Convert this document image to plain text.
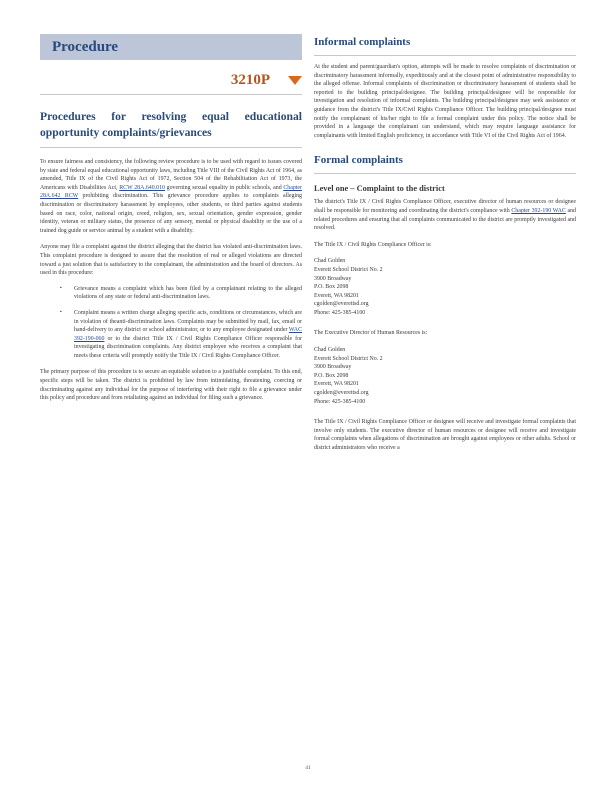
Procedure
3210P
Procedures for resolving equal educational
opportunity complaints/grievances

To ensure fairness and consistency, the following review procedure is to be used with regard to issues covered by state and federal equal educational opportunity laws, including Title VIII of the Civil Rights Act of 1964, as amended, Title IX of the Civil Rights Act of 1972, Section 504 of the Rehabilitation Act of 1973, the Americans with Disabilities Act, RCW 28A.640.010 governing sexual equality in public schools, and Chapter 28A.642 RCW prohibiting discrimination. This grievance procedure applies to complaints alleging discrimination or discriminatory harassment by employees, other students, or third parties against students based on race, color, national origin, creed, religion, sex, sexual orientation, gender expression, gender identity, veteran or military status, the presence of any sensory, mental or physical disability or the use of a trained dog guide or service animal by a student with a disability.

Anyone may file a complaint against the district alleging that the district has violated anti-discrimination laws. This complaint procedure is designed to assure that the resolution of real or alleged violations are directed toward a just solution that is satisfactory to the complainant, the administration and the board of directors. As used in this procedure:

▪ Grievance means a complaint which has been filed by a complainant relating to the alleged violations of any state or federal anti-discrimination laws.
▪ Complaint means a written charge alleging specific acts, conditions or circumstances, which are in violation of theanti-discrimination laws. Complaints may be submitted by mail, fax, email or hand-delivery to any district or school administrator, or to any employee designated under WAC 392-190-060 or to the district Title IX / Civil Rights Compliance Officer responsible for investigating discrimination complaints. Any district employee who receives a complaint that meets these criteria will promptly notify the Title IX / Civil Rights Compliance Officer.

The primary purpose of this procedure is to secure an equitable solution to a justifiable complaint. To this end, specific steps will be taken. The district is prohibited by law from intimidating, threatening, coercing or discriminating against any individual for the purpose of interfering with their right to file a grievance under this policy and procedure and from retaliating against an individual for filing such a grievance.

Informal complaints

At the student and parent/guardian's option, attempts will be made to resolve complaints of discrimination or discriminatory harassment informally, expeditiously and at the closest point of administrative responsibility to the alleged offense. Informal complaints of discrimination or discriminatory harassment of students shall be reported to the building principal/designee. The building principal/designee will be responsible for investigation and resolution of informal complaints. The building principal/designee may seek assistance or guidance from the district's Title IX/Civil Rights Compliance Officer. The building principal/designee must notify the complainant of his/her right to file a formal complaint under this policy. The notice shall be provided in a language the complainant can understand, which may require language assistance for complainants with limited English proficiency, in accordance with Title VI of the Civil Rights Act of 1964.

Formal complaints
Level one – Complaint to the district

The district's Title IX / Civil Rights Compliance Officer, executive director of human resources or designee shall be responsible for monitoring and coordinating the district's compliance with Chapter 392-190 WAC and related procedures and ensuring that all complaints communicated to the district are promptly investigated and resolved.

The Title IX / Civil Rights Compliance Officer is:

Chad Golden
Everett School District No. 2
3900 Broadway
P.O. Box 2098
Everett, WA 98201
cgolden@everettsd.org
Phone: 425-385-4100

The Executive Director of Human Resources is:

Chad Golden
Everett School District No. 2
3900 Broadway
P.O. Box 2098
Everett, WA 98201
cgolden@everettsd.org
Phone: 425-385-4100

The Title IX / Civil Rights Compliance Officer or designee will receive and investigate formal complaints that involve only students. The executive director of human resources or designee will receive and investigate formal complaints when allegations of discrimination are brought against employees or other adults. School or district administrators who receive a

41
